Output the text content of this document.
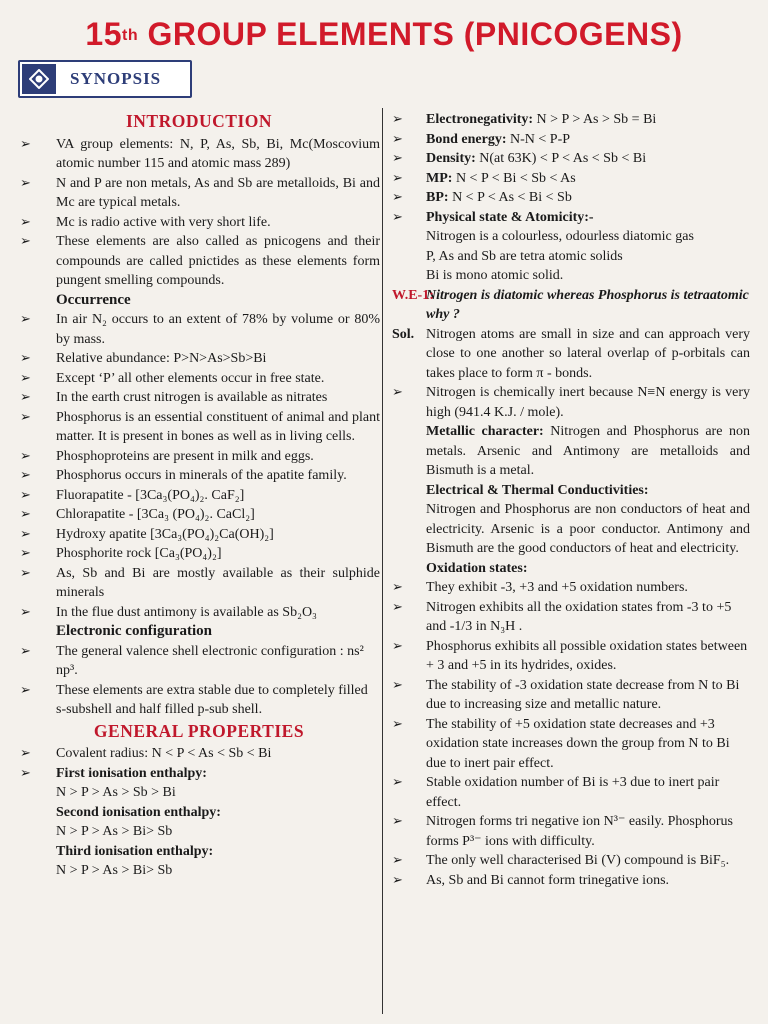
15th GROUP ELEMENTS (PNICOGENS)
SYNOPSIS
INTRODUCTION
➢ VA group elements: N, P, As, Sb, Bi, Mc(Moscovium atomic number 115 and atomic mass 289)
➢ N and P are non metals, As and Sb are metalloids, Bi and Mc are typical metals.
➢ Mc is radio active with very short life.
➢ These elements are also called as pnicogens and their compounds are called pnictides as these elements form pungent smelling compounds.
Occurrence
➢ In air N₂ occurs to an extent of 78% by volume or 80% by mass.
➢ Relative abundance: P>N>As>Sb>Bi
➢ Except ‘P’ all other elements occur in free state.
➢ In the earth crust nitrogen is available as nitrates
➢ Phosphorus is an essential constituent of animal and plant matter. It is present in bones as well as in living cells.
➢ Phosphoproteins are present in milk and eggs.
➢ Phosphorus occurs in minerals of the apatite family.
➢ Fluorapatite - [3Ca₃(PO₄)₂. CaF₂]
➢ Chlorapatite - [3Ca₃ (PO₄)₂. CaCl₂]
➢ Hydroxy apatite [3Ca₃(PO₄)₂Ca(OH)₂]
➢ Phosphorite rock [Ca₃(PO₄)₂]
➢ As, Sb and Bi are mostly available as their sulphide minerals
➢ In the flue dust antimony is available as Sb₂O₃
Electronic configuration
➢ The general valence shell electronic configuration : ns² np³.
➢ These elements are extra stable due to completely filled s-subshell and half filled p-sub shell.
GENERAL PROPERTIES
➢ Covalent radius: N < P < As < Sb < Bi
➢ First ionisation enthalpy:
N > P > As > Sb > Bi
Second ionisation enthalpy:
N > P > As > Bi> Sb
Third ionisation enthalpy:
N > P > As > Bi> Sb
➢ Electronegativity: N > P > As > Sb = Bi
➢ Bond energy: N-N < P-P
➢ Density: N(at 63K) < P < As < Sb < Bi
➢ MP: N < P < Bi < Sb < As
➢ BP: N < P < As < Bi < Sb
➢ Physical state & Atomicity:-
Nitrogen is a colourless, odourless diatomic gas
P, As and Sb are tetra atomic solids
Bi is mono atomic solid.
W.E-1:
Nitrogen is diatomic whereas Phosphorus is tetraatomic why ?
Sol. Nitrogen atoms are small in size and can approach very close to one another so lateral overlap of p-orbitals can takes place to form π - bonds.
➢ Nitrogen is chemically inert because N≡N energy is very high (941.4 K.J. / mole).
Metallic character: Nitrogen and Phosphorus are non metals. Arsenic and Antimony are metalloids and Bismuth is a metal.
Electrical & Thermal Conductivities:
Nitrogen and Phosphorus are non conductors of heat and electricity. Arsenic is a poor conductor. Antimony and Bismuth are the good conductors of heat and electricity.
Oxidation states:
➢ They exhibit -3, +3 and +5 oxidation numbers.
➢ Nitrogen exhibits all the oxidation states from -3 to +5 and -1/3 in N₃H .
➢ Phosphorus exhibits all possible oxidation states between + 3 and +5 in its hydrides, oxides.
➢ The stability of -3 oxidation state decrease from N to Bi due to increasing size and metallic nature.
➢ The stability of +5 oxidation state decreases and +3 oxidation state increases down the group from N to Bi due to inert pair effect.
➢ Stable oxidation number of Bi is +3 due to inert pair effect.
➢ Nitrogen forms tri negative ion N³⁻ easily. Phosphorus forms P³⁻ ions with difficulty.
➢ The only well characterised Bi (V) compound is BiF₅.
➢ As, Sb and Bi cannot form trinegative ions.
